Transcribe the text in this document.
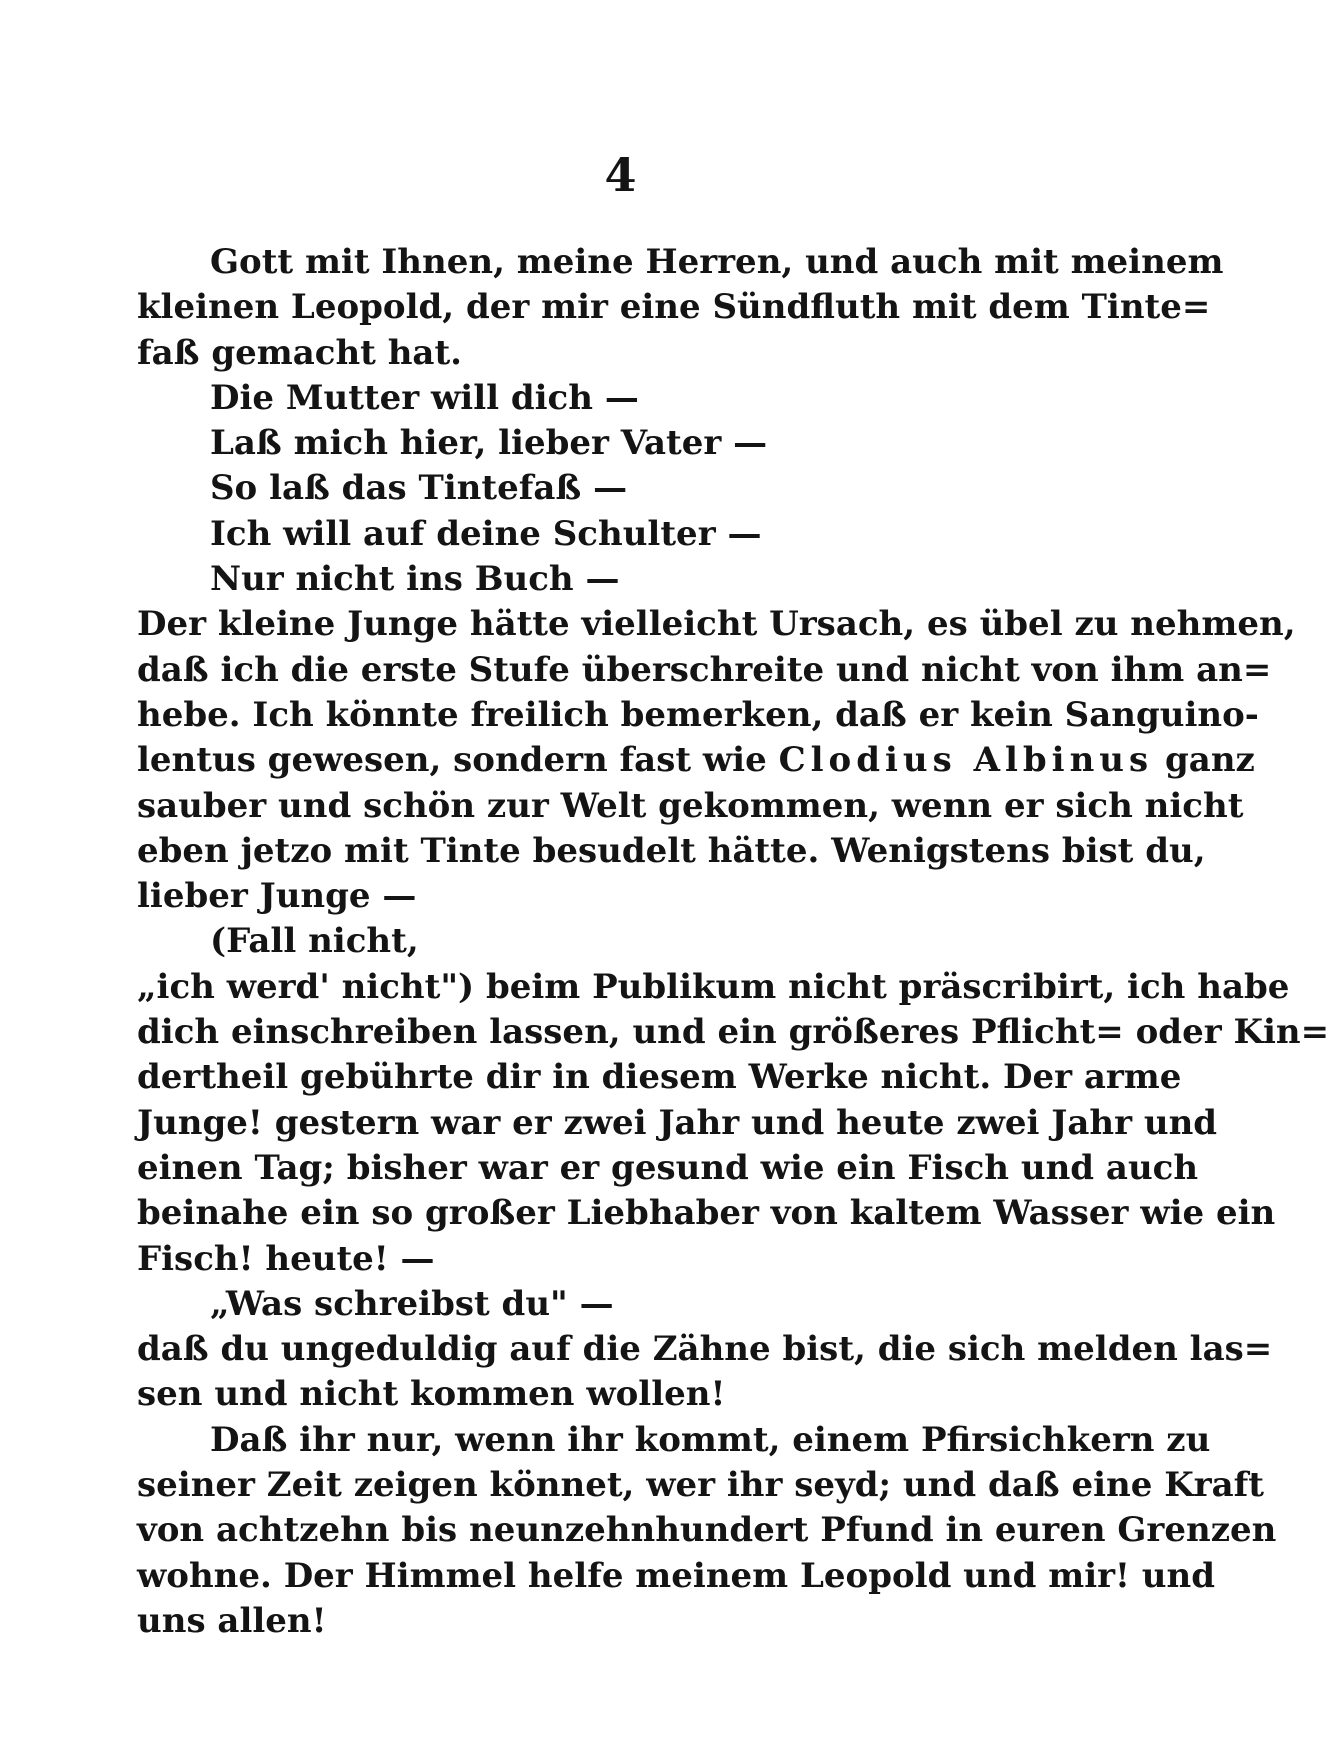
4
Gott mit Ihnen, meine Herren, und auch mit meinem
kleinen Leopold, der mir eine Sündfluth mit dem Tinte=
faß gemacht hat.
Die Mutter will dich —
Laß mich hier, lieber Vater —
So laß das Tintefaß —
Ich will auf deine Schulter —
Nur nicht ins Buch —
Der kleine Junge hätte vielleicht Ursach, es übel zu nehmen,
daß ich die erste Stufe überschreite und nicht von ihm an=
hebe. Ich könnte freilich bemerken, daß er kein Sanguino-
lentus gewesen, sondern fast wie Clodius Albinus ganz
sauber und schön zur Welt gekommen, wenn er sich nicht
eben jetzo mit Tinte besudelt hätte. Wenigstens bist du,
lieber Junge —
(Fall nicht,
„ich werd' nicht") beim Publikum nicht präscribirt, ich habe
dich einschreiben lassen, und ein größeres Pflicht= oder Kin=
dertheil gebührte dir in diesem Werke nicht. Der arme
Junge! gestern war er zwei Jahr und heute zwei Jahr und
einen Tag; bisher war er gesund wie ein Fisch und auch
beinahe ein so großer Liebhaber von kaltem Wasser wie ein
Fisch! heute! —
„Was schreibst du" —
daß du ungeduldig auf die Zähne bist, die sich melden las=
sen und nicht kommen wollen!
Daß ihr nur, wenn ihr kommt, einem Pfirsichkern zu
seiner Zeit zeigen könnet, wer ihr seyd; und daß eine Kraft
von achtzehn bis neunzehnhundert Pfund in euren Grenzen
wohne. Der Himmel helfe meinem Leopold und mir! und
uns allen!
